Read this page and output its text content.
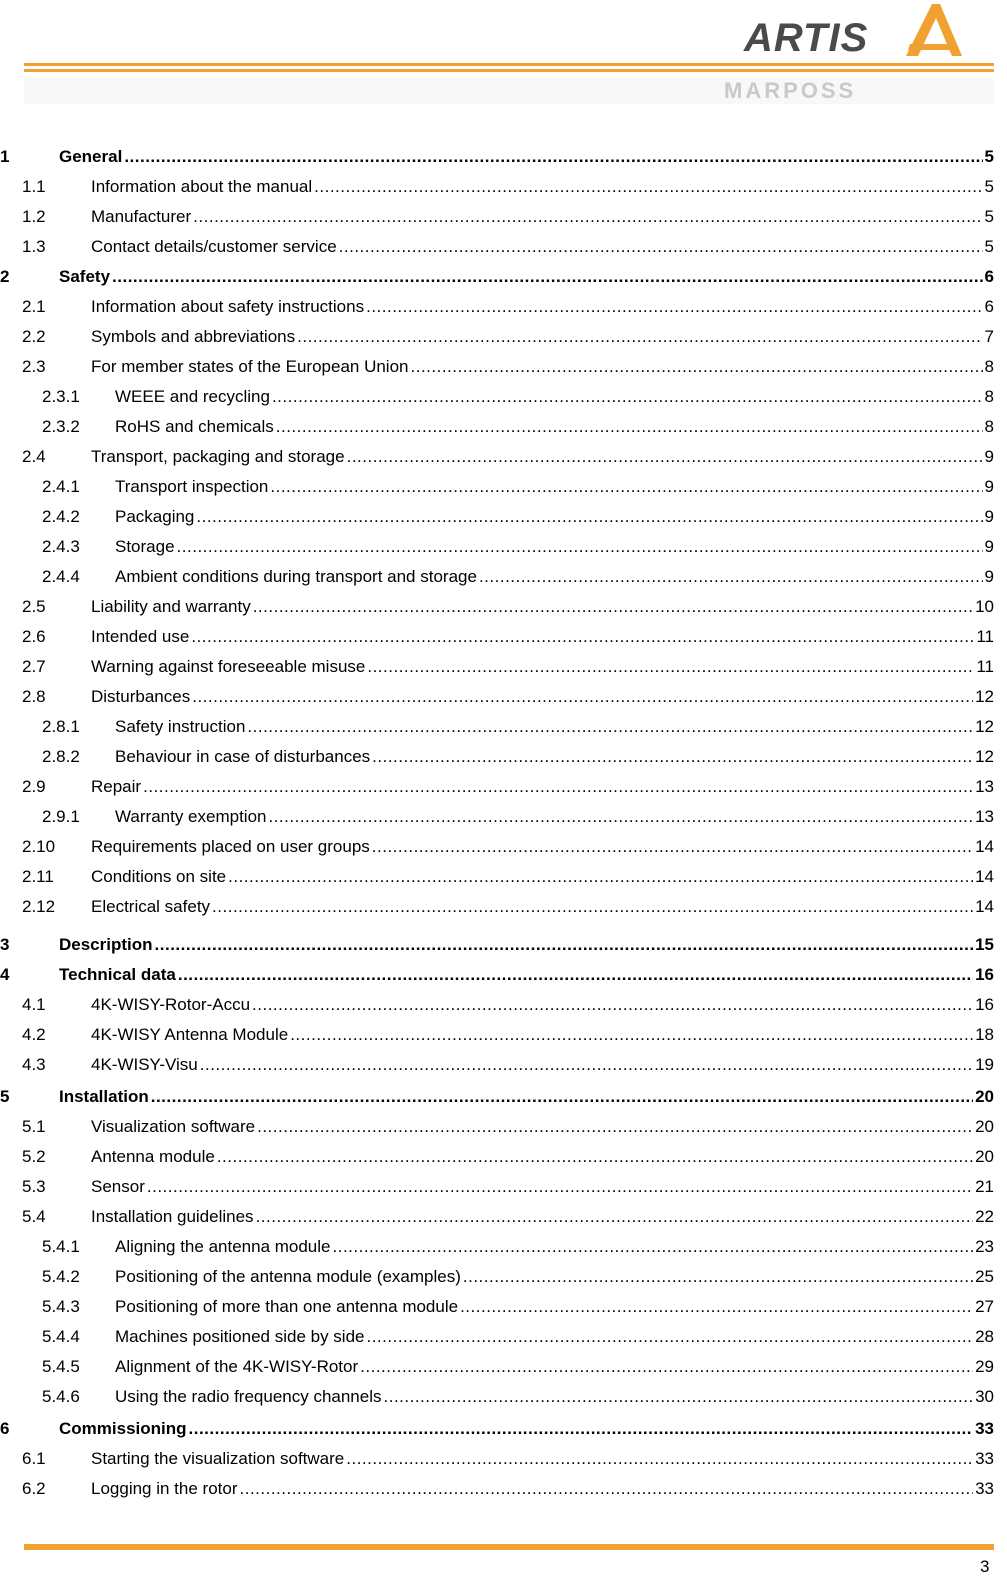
ARTIS
MARPOSS
1	General .....	5
1.1	Information about the manual .....	5
1.2	Manufacturer .....	5
1.3	Contact details/customer service .....	5
2	Safety .....	6
2.1	Information about safety instructions .....	6
2.2	Symbols and abbreviations .....	7
2.3	For member states of the European Union .....	8
2.3.1 WEEE and recycling .....	8
2.3.2 RoHS and chemicals .....	8
2.4	Transport, packaging and storage .....	9
2.4.1 Transport inspection .....	9
2.4.2 Packaging .....	9
2.4.3 Storage .....	9
2.4.4 Ambient conditions during transport and storage .....	9
2.5	Liability and warranty .....	10
2.6	Intended use .....	11
2.7	Warning against foreseeable misuse .....	11
2.8	Disturbances .....	12
2.8.1 Safety instruction .....	12
2.8.2 Behaviour in case of disturbances .....	12
2.9	Repair .....	13
2.9.1 Warranty exemption .....	13
2.10 Requirements placed on user groups .....	14
2.11 Conditions on site .....	14
2.12 Electrical safety .....	14
3	Description .....	15
4	Technical data .....	16
4.1	4K-WISY-Rotor-Accu .....	16
4.2	4K-WISY Antenna Module .....	18
4.3	4K-WISY-Visu .....	19
5	Installation .....	20
5.1	Visualization software .....	20
5.2	Antenna module .....	20
5.3	Sensor .....	21
5.4	Installation guidelines .....	22
5.4.1 Aligning the antenna module .....	23
5.4.2 Positioning of the antenna module (examples) .....	25
5.4.3 Positioning of more than one antenna module .....	27
5.4.4 Machines positioned side by side .....	28
5.4.5 Alignment of the 4K-WISY-Rotor .....	29
5.4.6 Using the radio frequency channels .....	30
6	Commissioning .....	33
6.1	Starting the visualization software .....	33
6.2	Logging in the rotor .....	33
3
